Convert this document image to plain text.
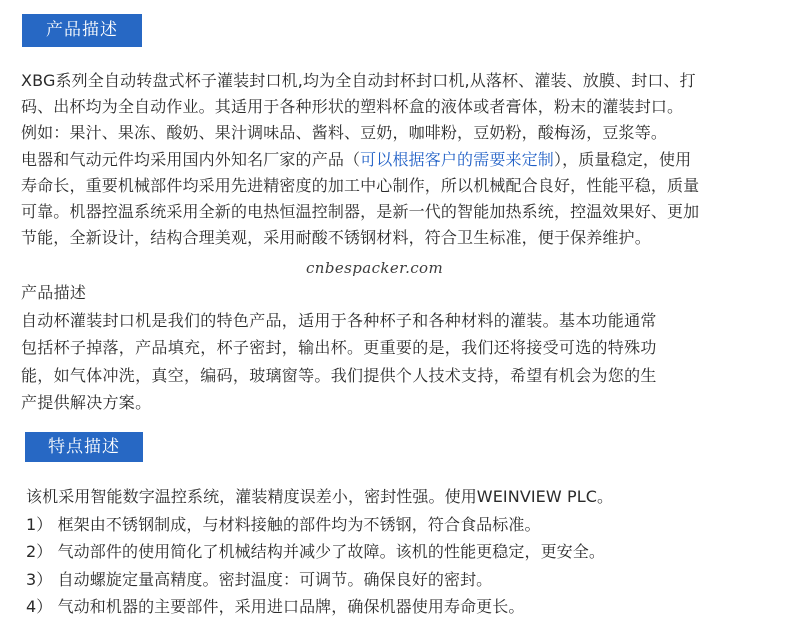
产品描述
XBG系列全自动转盘式杯子灌装封口机,均为全自动封杯封口机,从落杯、灌装、放膜、封口、打
码、出杯均为全自动作业。其适用于各种形状的塑料杯盒的液体或者膏体，粉末的灌装封口。
例如：果汁、果冻、酸奶、果汁调味品、酱料、豆奶，咖啡粉，豆奶粉，酸梅汤，豆浆等。
电器和气动元件均采用国内外知名厂家的产品（可以根据客户的需要来定制），质量稳定，使用
寿命长，重要机械部件均采用先进精密度的加工中心制作，所以机械配合良好，性能平稳，质量
可靠。机器控温系统采用全新的电热恒温控制器，是新一代的智能加热系统，控温效果好、更加
节能，全新设计，结构合理美观，采用耐酸不锈钢材料，符合卫生标准，便于保养维护。
cnbespacker.com
产品描述
自动杯灌装封口机是我们的特色产品，适用于各种杯子和各种材料的灌装。基本功能通常
包括杯子掉落，产品填充，杯子密封，输出杯。更重要的是，我们还将接受可选的特殊功
能，如气体冲洗，真空，编码，玻璃窗等。我们提供个人技术支持，希望有机会为您的生
产提供解决方案。
特点描述
该机采用智能数字温控系统，灌装精度误差小，密封性强。使用WEINVIEW PLC。
1） 框架由不锈钢制成，与材料接触的部件均为不锈钢，符合食品标准。
2） 气动部件的使用简化了机械结构并减少了故障。该机的性能更稳定，更安全。
3） 自动螺旋定量高精度。密封温度：可调节。确保良好的密封。
4） 气动和机器的主要部件，采用进口品牌，确保机器使用寿命更长。
